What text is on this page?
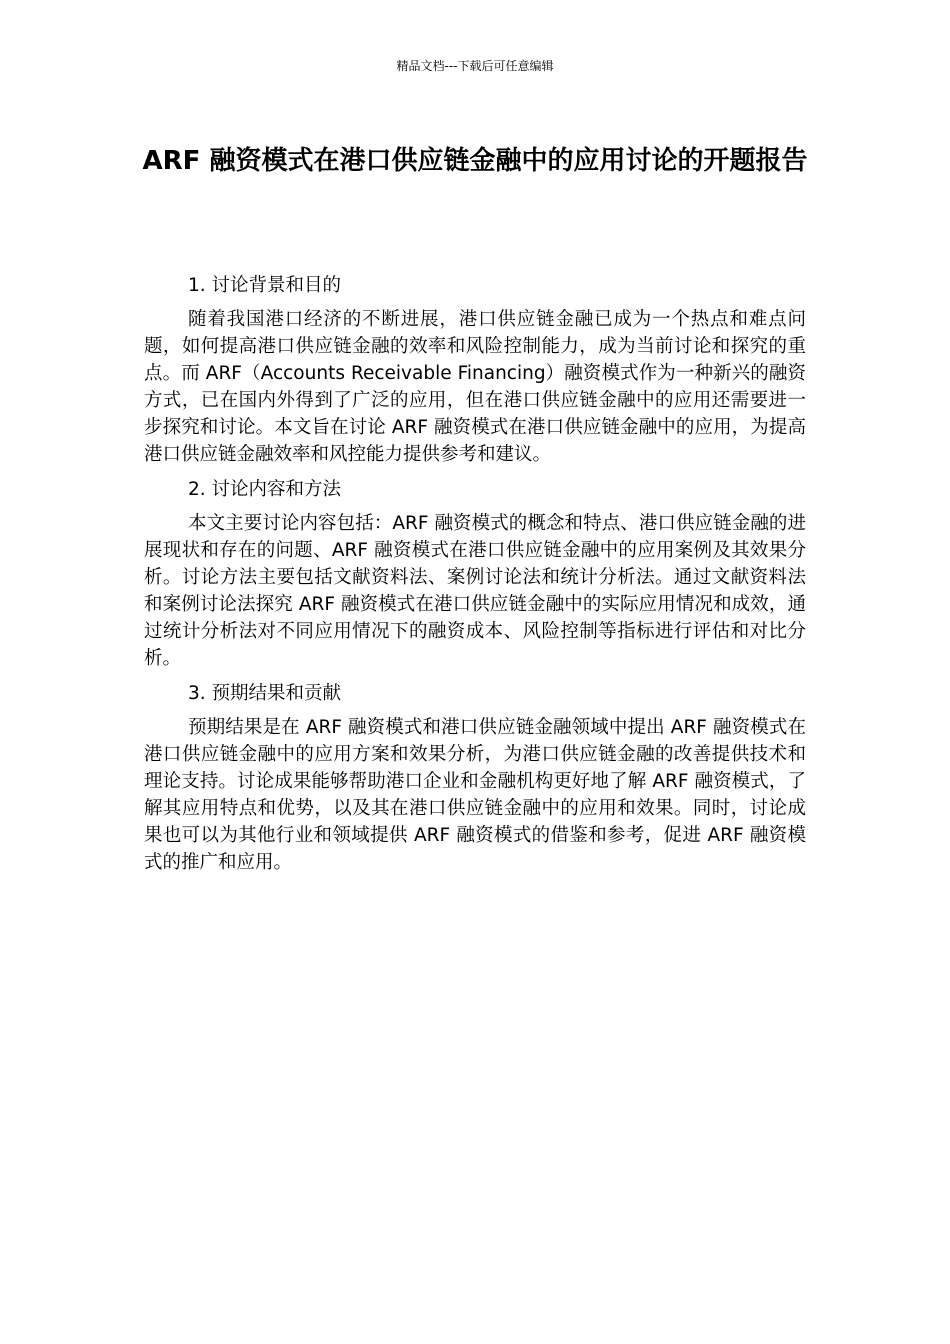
精品文档---下载后可任意编辑
ARF 融资模式在港口供应链金融中的应用讨论的开题报告

1. 讨论背景和目的

随着我国港口经济的不断进展，港口供应链金融已成为一个热点和难点问题，如何提高港口供应链金融的效率和风险控制能力，成为当前讨论和探究的重点。而 ARF（Accounts Receivable Financing）融资模式作为一种新兴的融资方式，已在国内外得到了广泛的应用，但在港口供应链金融中的应用还需要进一步探究和讨论。本文旨在讨论 ARF 融资模式在港口供应链金融中的应用，为提高港口供应链金融效率和风控能力提供参考和建议。

2. 讨论内容和方法

本文主要讨论内容包括：ARF 融资模式的概念和特点、港口供应链金融的进展现状和存在的问题、ARF 融资模式在港口供应链金融中的应用案例及其效果分析。讨论方法主要包括文献资料法、案例讨论法和统计分析法。通过文献资料法和案例讨论法探究 ARF 融资模式在港口供应链金融中的实际应用情况和成效，通过统计分析法对不同应用情况下的融资成本、风险控制等指标进行评估和对比分析。

3. 预期结果和贡献

预期结果是在 ARF 融资模式和港口供应链金融领域中提出 ARF 融资模式在港口供应链金融中的应用方案和效果分析，为港口供应链金融的改善提供技术和理论支持。讨论成果能够帮助港口企业和金融机构更好地了解 ARF 融资模式，了解其应用特点和优势，以及其在港口供应链金融中的应用和效果。同时，讨论成果也可以为其他行业和领域提供 ARF 融资模式的借鉴和参考，促进 ARF 融资模式的推广和应用。
